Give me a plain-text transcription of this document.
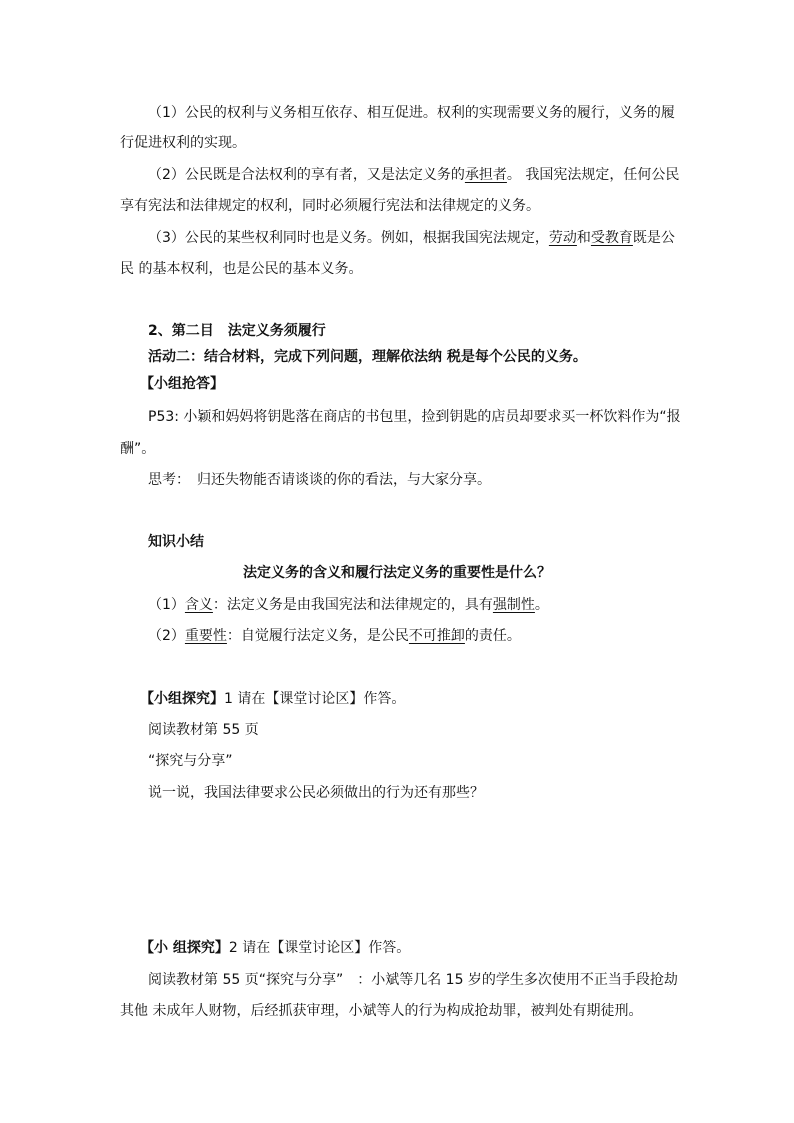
（1）公民的权利与义务相互依存、相互促进。权利的实现需要义务的履行，义务的履
行促进权利的实现。
（2）公民既是合法权利的享有者，又是法定义务的承担者。 我国宪法规定，任何公民
享有宪法和法律规定的权利，同时必须履行宪法和法律规定的义务。
（3）公民的某些权利同时也是义务。例如，根据我国宪法规定，劳动和受教育既是公
民 的基本权利，也是公民的基本义务。
2、第二目　法定义务须履行
活动二：结合材料，完成下列问题，理解依法纳 税是每个公民的义务。
【小组抢答】
P53: 小颖和妈妈将钥匙落在商店的书包里，捡到钥匙的店员却要求买一杯饮料作为“报
酬”。
思考：　归还失物能否请谈谈的你的看法，与大家分享。
知识小结
法定义务的含义和履行法定义务的重要性是什么？
（1）含义：法定义务是由我国宪法和法律规定的，具有强制性。
（2）重要性：自觉履行法定义务，是公民不可推卸的责任。
【小组探究】1 请在【课堂讨论区】作答。
阅读教材第 55 页
“探究与分享”
说一说，我国法律要求公民必须做出的行为还有那些？
【小 组探究】2 请在【课堂讨论区】作答。
阅读教材第 55 页“探究与分享”　：小斌等几名 15 岁的学生多次使用不正当手段抢劫
其他 未成年人财物，后经抓获审理，小斌等人的行为构成抢劫罪，被判处有期徒刑。
